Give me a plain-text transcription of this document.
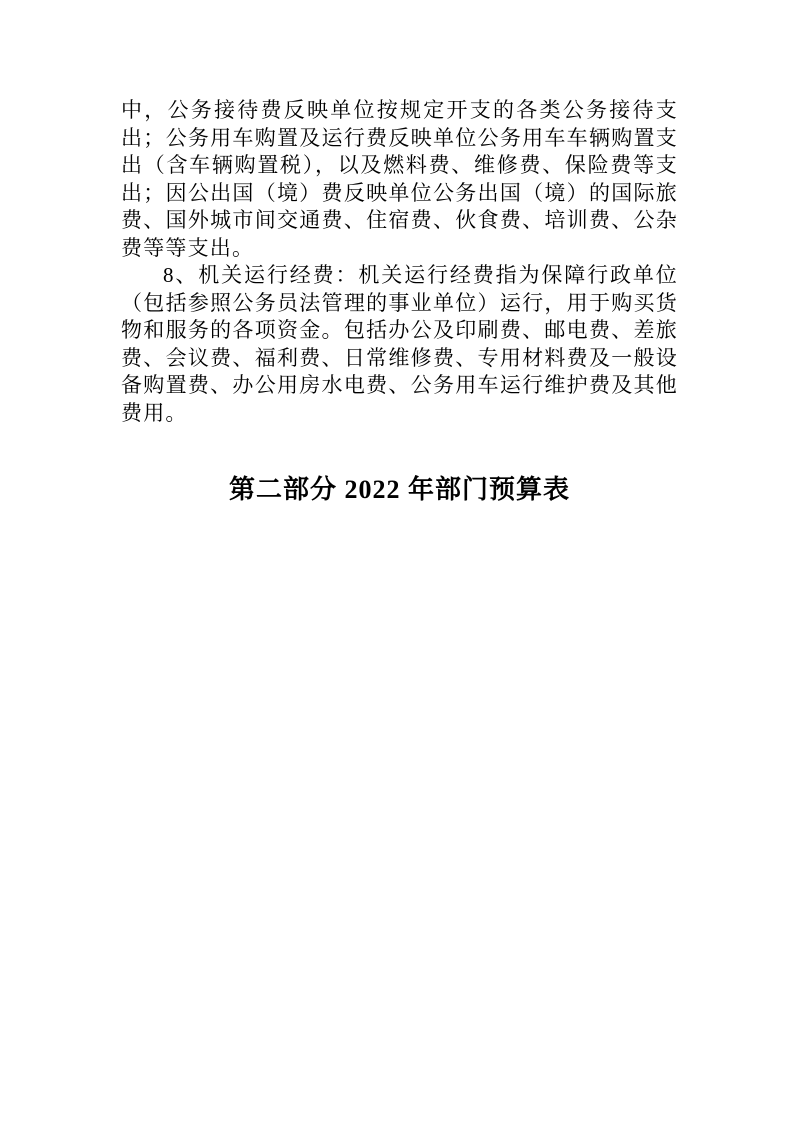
中，公务接待费反映单位按规定开支的各类公务接待支出；公务用车购置及运行费反映单位公务用车车辆购置支出（含车辆购置税），以及燃料费、维修费、保险费等支出；因公出国（境）费反映单位公务出国（境）的国际旅费、国外城市间交通费、住宿费、伙食费、培训费、公杂费等等支出。

8、机关运行经费：机关运行经费指为保障行政单位（包括参照公务员法管理的事业单位）运行，用于购买货物和服务的各项资金。包括办公及印刷费、邮电费、差旅费、会议费、福利费、日常维修费、专用材料费及一般设备购置费、办公用房水电费、公务用车运行维护费及其他费用。

第二部分 2022 年部门预算表
